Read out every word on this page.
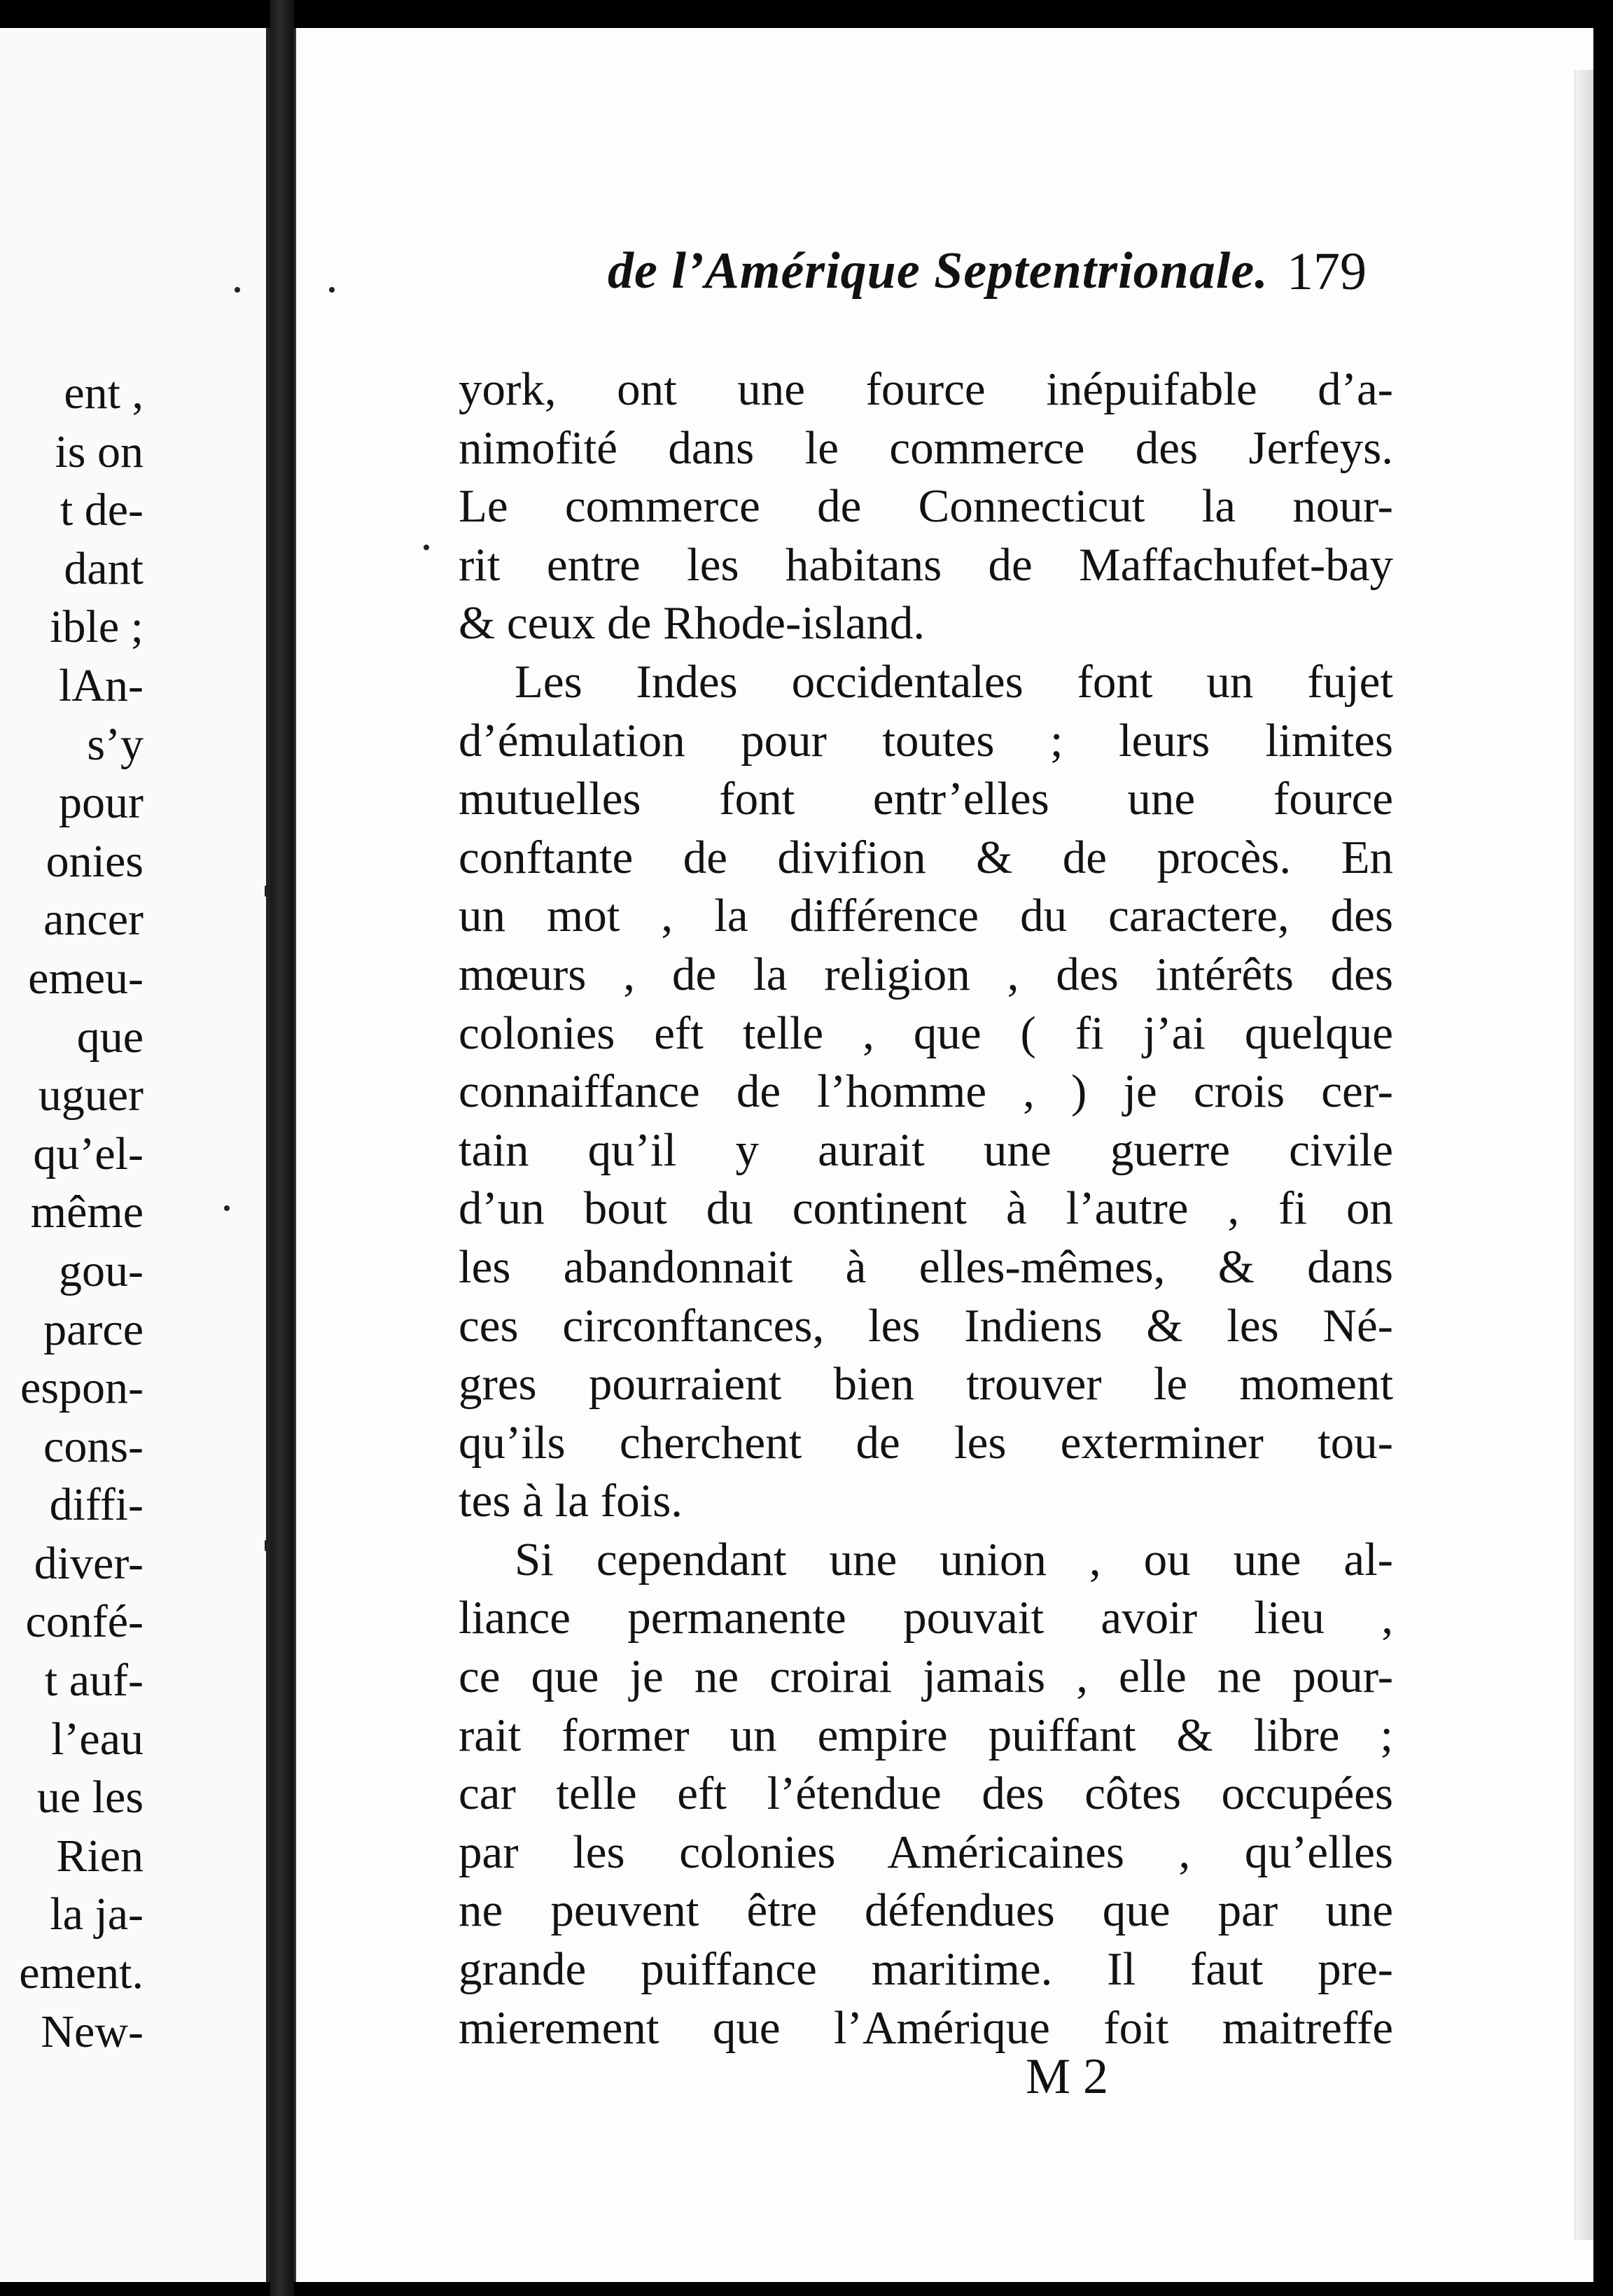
ent ,
is on
t de-
dant
ible ;
lAn-
s’y
pour
onies
ancer
emeu-
que
uguer
qu’el-
même
gou-
parce
espon-
cons-
diffi-
diver-
confé-
t auf-
l’eau
ue les
Rien
la ja-
ement.
New-
de l’Amérique Septentrionale. 179
york, ont une fource inépuifable d’a-
nimofité dans le commerce des Jerfeys.
Le commerce de Connecticut la nour-
rit entre les habitans de Maffachufet-bay
& ceux de Rhode-island.
Les Indes occidentales font un fujet
d’émulation pour toutes ; leurs limites
mutuelles font entr’elles une fource
conftante de divifion & de procès. En
un mot , la différence du caractere, des
mœurs , de la religion , des intérêts des
colonies eft telle , que ( fi j’ai quelque
connaiffance de l’homme , ) je crois cer-
tain qu’il y aurait une guerre civile
d’un bout du continent à l’autre , fi on
les abandonnait à elles-mêmes, & dans
ces circonftances, les Indiens & les Né-
gres pourraient bien trouver le moment
qu’ils cherchent de les exterminer tou-
tes à la fois.
Si cependant une union , ou une al-
liance permanente pouvait avoir lieu ,
ce que je ne croirai jamais , elle ne pour-
rait former un empire puiffant & libre ;
car telle eft l’étendue des côtes occupées
par les colonies Américaines , qu’elles
ne peuvent être défendues que par une
grande puiffance maritime. Il faut pre-
mierement que l’Amérique foit maitreffe
M 2
